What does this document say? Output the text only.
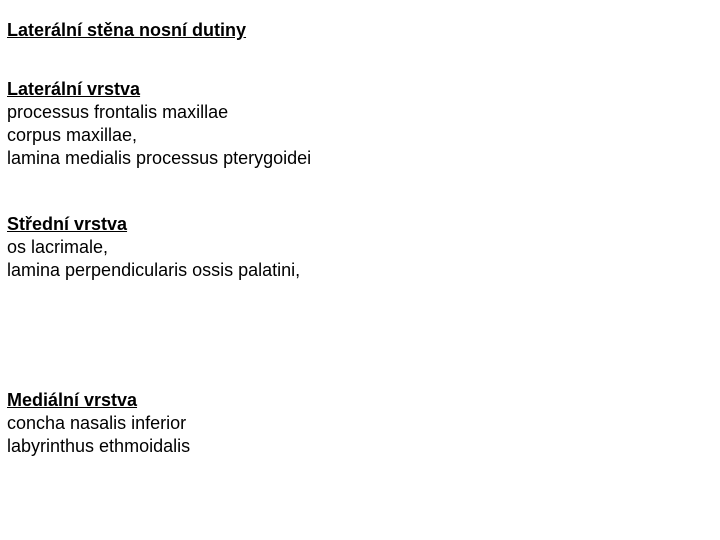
Laterální stěna nosní dutiny
Laterální vrstva
processus frontalis maxillae
corpus maxillae,
lamina medialis processus pterygoidei
Střední vrstva
os lacrimale,
lamina perpendicularis ossis palatini,
Mediální vrstva
concha nasalis inferior
labyrinthus ethmoidalis
